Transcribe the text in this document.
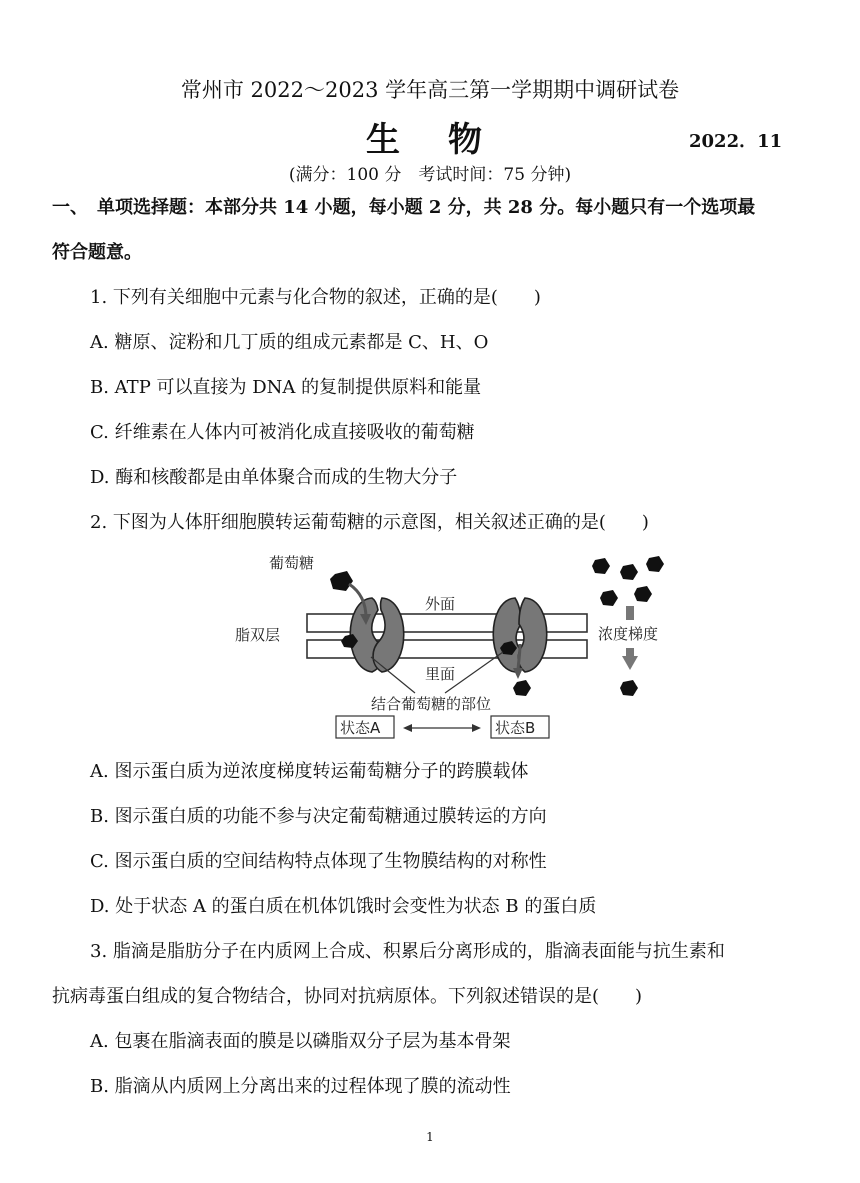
常州市 2022～2023 学年高三第一学期期中调研试卷
生物	2022．11
(满分：100 分　考试时间：75 分钟)
一、　单项选择题：本部分共 14 小题，每小题 2 分，共 28 分。每小题只有一个选项最
符合题意。
1. 下列有关细胞中元素与化合物的叙述，正确的是(　　)
A. 糖原、淀粉和几丁质的组成元素都是 C、H、O
B. ATP 可以直接为 DNA 的复制提供原料和能量
C. 纤维素在人体内可被消化成直接吸收的葡萄糖
D. 酶和核酸都是由单体聚合而成的生物大分子
2. 下图为人体肝细胞膜转运葡萄糖的示意图，相关叙述正确的是(　　)
葡萄糖
外面
脂双层
里面
浓度梯度
结合葡萄糖的部位
状态A	状态B
A. 图示蛋白质为逆浓度梯度转运葡萄糖分子的跨膜载体
B. 图示蛋白质的功能不参与决定葡萄糖通过膜转运的方向
C. 图示蛋白质的空间结构特点体现了生物膜结构的对称性
D. 处于状态 A 的蛋白质在机体饥饿时会变性为状态 B 的蛋白质
3. 脂滴是脂肪分子在内质网上合成、积累后分离形成的，脂滴表面能与抗生素和
抗病毒蛋白组成的复合物结合，协同对抗病原体。下列叙述错误的是(　　)
A. 包裹在脂滴表面的膜是以磷脂双分子层为基本骨架
B. 脂滴从内质网上分离出来的过程体现了膜的流动性
1
